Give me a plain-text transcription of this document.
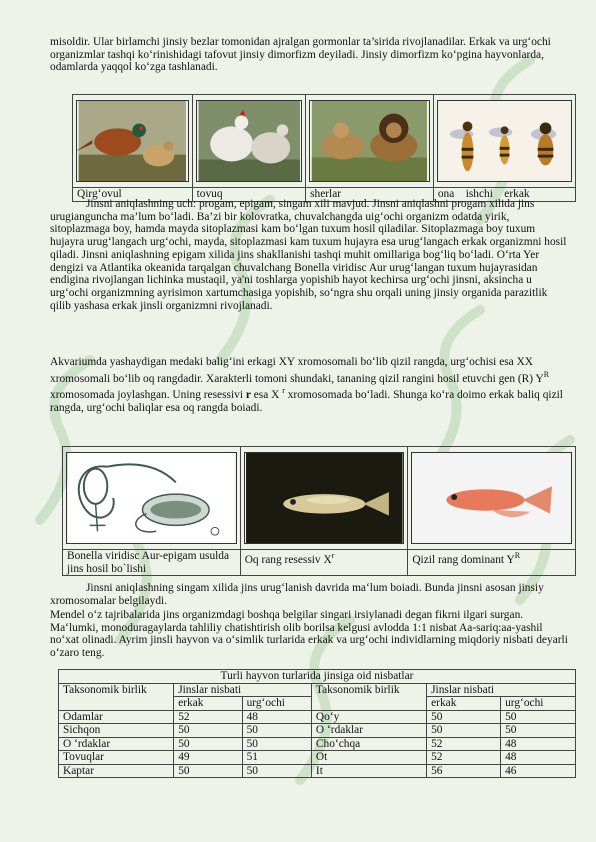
misoldir. Ular birlamchi jinsiy bezlar tomonidan ajralgan gormonlar ta’sirida rivojlanadilar. Erkak va urg‘ochi organizmlar tashqi ko‘rinishidagi tafovut jinsiy dimorfizm deyiladi. Jinsiy dimorfizm ko‘pgina hayvonlarda, odamlarda yaqqol ko‘zga tashlanadi.

Qirg‘ovul	tovuq	sherlar	ona    ishchi    erkak

Jinsni aniqlashning uch: progam, epigam, singam xili mavjud. Jinsni aniqlashni progam xilida jins urugianguncha ma’lum bo‘ladi. Ba’zi bir kolovratka, chuvalchangda uig‘ochi organizm odatda yirik, sitoplazmaga boy, hamda mayda sitoplazmasi kam bo‘lgan tuxum hosil qiladilar. Sitoplazmaga boy tuxum hujayra urug‘langach urg‘ochi, mayda, sitoplazmasi kam tuxum hujayra esa urug‘langach erkak organizmni hosil qiladi. Jinsni aniqlashning epigam xilida jins shakllanishi tashqi muhit omillariga bog‘liq bo‘ladi. O‘rta Yer dengizi va Atlantika okeanida tarqalgan chuvalchang Bonella viridisc Aur urug‘langan tuxum hujayrasidan endigina rivojlangan lichinka mustaqil, ya'ni toshlarga yopishib hayot kechirsa urg‘ochi jinsni, aksincha u urg‘ochi organizmning ayrisimon xartumchasiga yopishib, so‘ngra shu orqali uning jinsiy organida parazitlik qilib yashasa erkak jinsli organizmni rivojlanadi.

Akvariumda yashaydigan medaki balig‘ini erkagi XY xromosomali bo‘lib qizil rangda, urg‘ochisi esa XX xromosomali bo‘lib oq rangdadir. Xarakterli tomoni shundaki, tananing qizil rangini hosil etuvchi gen (R) $Y^R$ xromosomada joylashgan. Uning resessivi r esa X $^r$ xromosomada bo‘ladi. Shunga ko‘ra doimo erkak baliq qizil rangda, urg‘ochi baliqlar esa oq rangda boiadi.

Bonella viridisc Aur-epigam usulda jins hosil bo`lishi	Oq rang resessiv $X^r$	Qizil rang dominant $Y^R$

Jinsni aniqlashning singam xilida jins urug‘lanish davrida ma‘lum boiadi. Bunda jinsni asosan jinsiy xromosomalar belgilaydi.

Mendel o‘z tajribalarida jins organizmdagi boshqa belgilar singari irsiylanadi degan fikrni ilgari surgan. Ma‘lumki, monoduragaylarda tahliliy chatishtirish olib borilsa kelgusi avlodda 1:1 nisbat Aa-sariq:aa-yashil no‘xat olinadi. Ayrim jinsli hayvon va o‘simlik turlarida erkak va urg‘ochi individlarning miqdoriy nisbati deyarli o‘zaro teng.

Turli hayvon turlarida jinsiga oid nisbatlar					
Taksonomik birlik	Jinslar nisbati		Taksonomik birlik	Jinslar nisbati	
	erkak	urg‘ochi		erkak	urg‘ochi
Odamlar	52	48	Qo‘y	50	50
Sichqon	50	50	O ‘rdaklar	50	50
O ‘rdaklar	50	50	Cho‘chqa	52	48
Tovuqlar	49	51	Ot	52	48
Kaptar	50	50	It	56	46
